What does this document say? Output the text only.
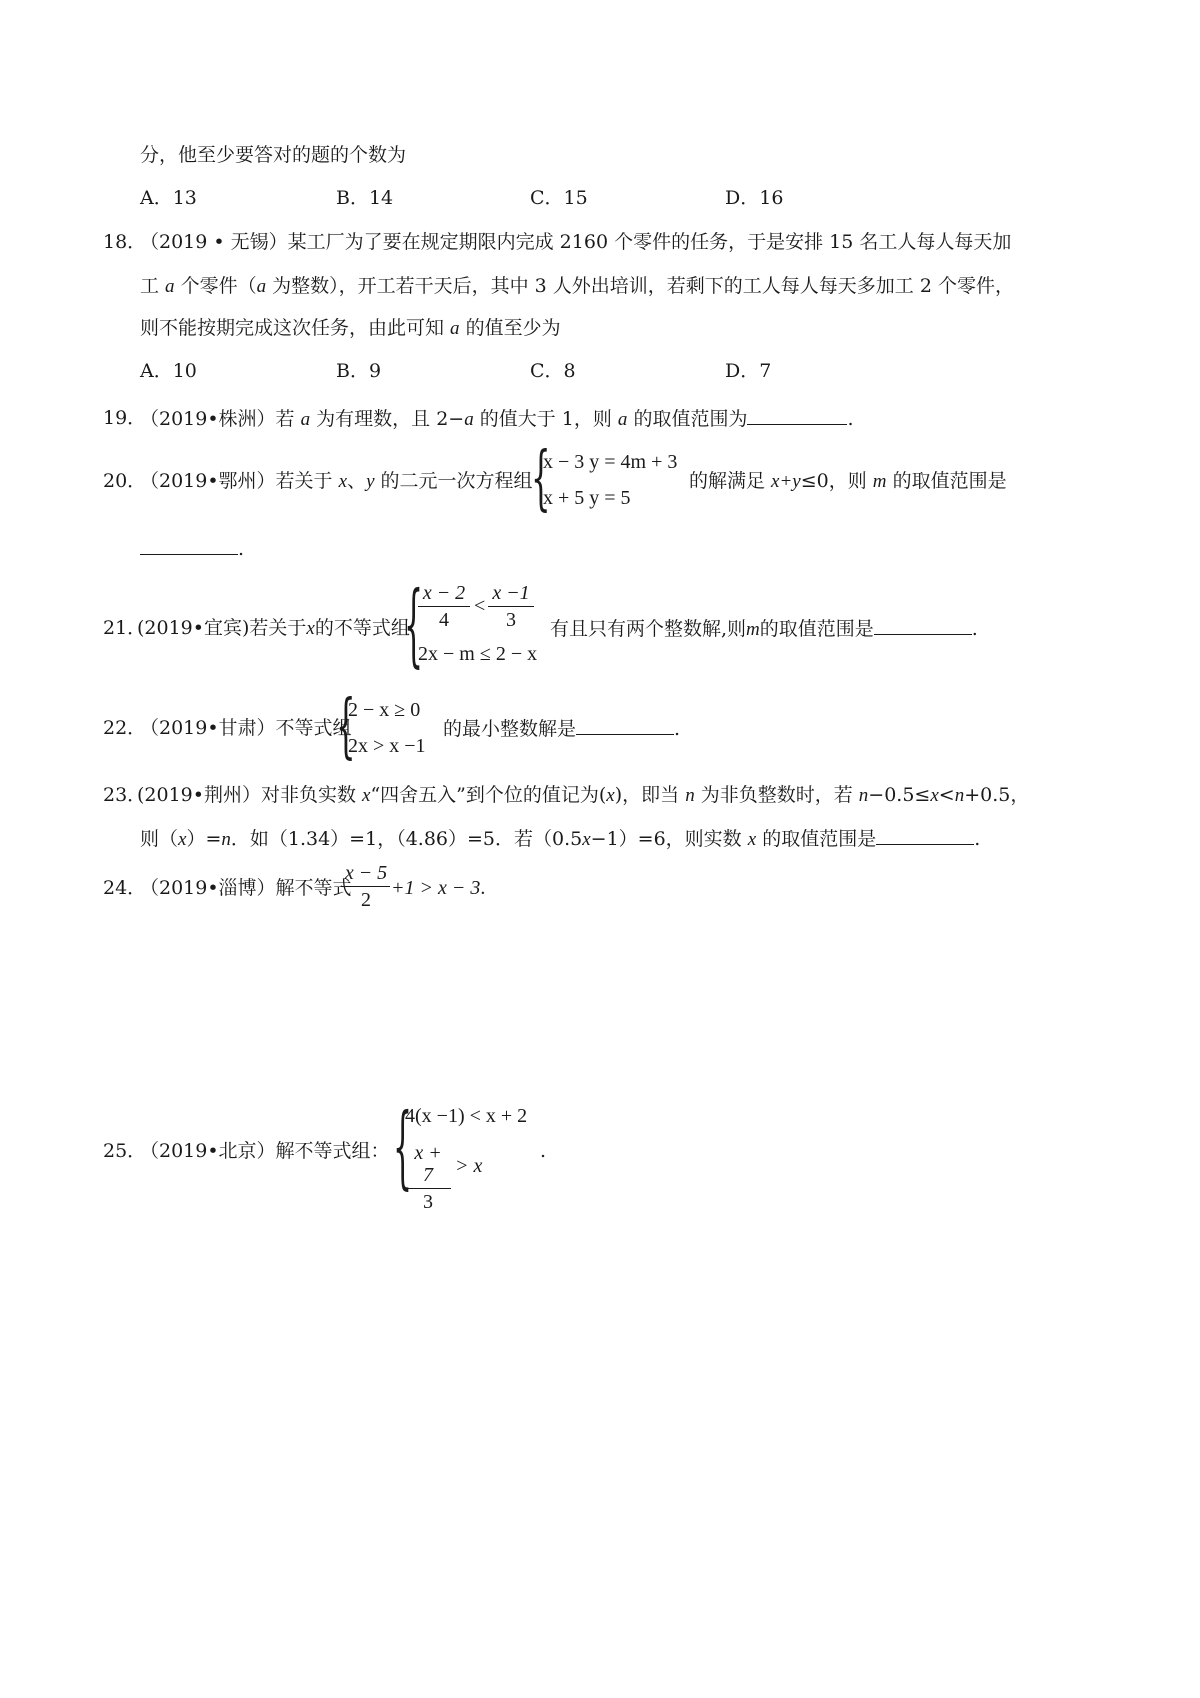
分，他至少要答对的题的个数为
A．13	B．14	C．15	D．16
18．
（2019 • 无锡）某工厂为了要在规定期限内完成 2160 个零件的任务，于是安排 15 名工人每人每天加
工 a 个零件（a 为整数），开工若干天后，其中 3 人外出培训，若剩下的工人每人每天多加工 2 个零件，
则不能按期完成这次任务，由此可知 a 的值至少为
A．10	B．9	C．8	D．7
19．
（2019•株洲）若 a 为有理数，且 2−a 的值大于 1，则 a 的取值范围为	.
20．
（2019•鄂州）若关于 x、y 的二元一次方程组
{
x − 3 y = 4m + 3
x + 5 y = 5
的解满足 x+y≤0，则 m 的取值范围是
.
21．
(2019•宜宾)若关于x的不等式组
{ x − 2
4
<
x −1
3
2x − m ≤ 2 − x
有且只有两个整数解,则m的取值范围是	.
22．
（2019•甘肃）不等式组
{
2 − x ≥ 0
2x > x −1
的最小整数解是	.
23．
(2019•荆州）对非负实数 x“四舍五入”到个位的值记为(x)，即当 n 为非负整数时，若 n−0.5≤x<n+0.5，
则（x）=n．如（1.34）=1，（4.86）=5．若（0.5x−1）=6，则实数 x 的取值范围是	.
24．
（2019•淄博）解不等式
x − 5
2
+1 > x − 3.
25．
（2019•北京）解不等式组： {
4(x −1) < x + 2
x + 7
3
> x
.
